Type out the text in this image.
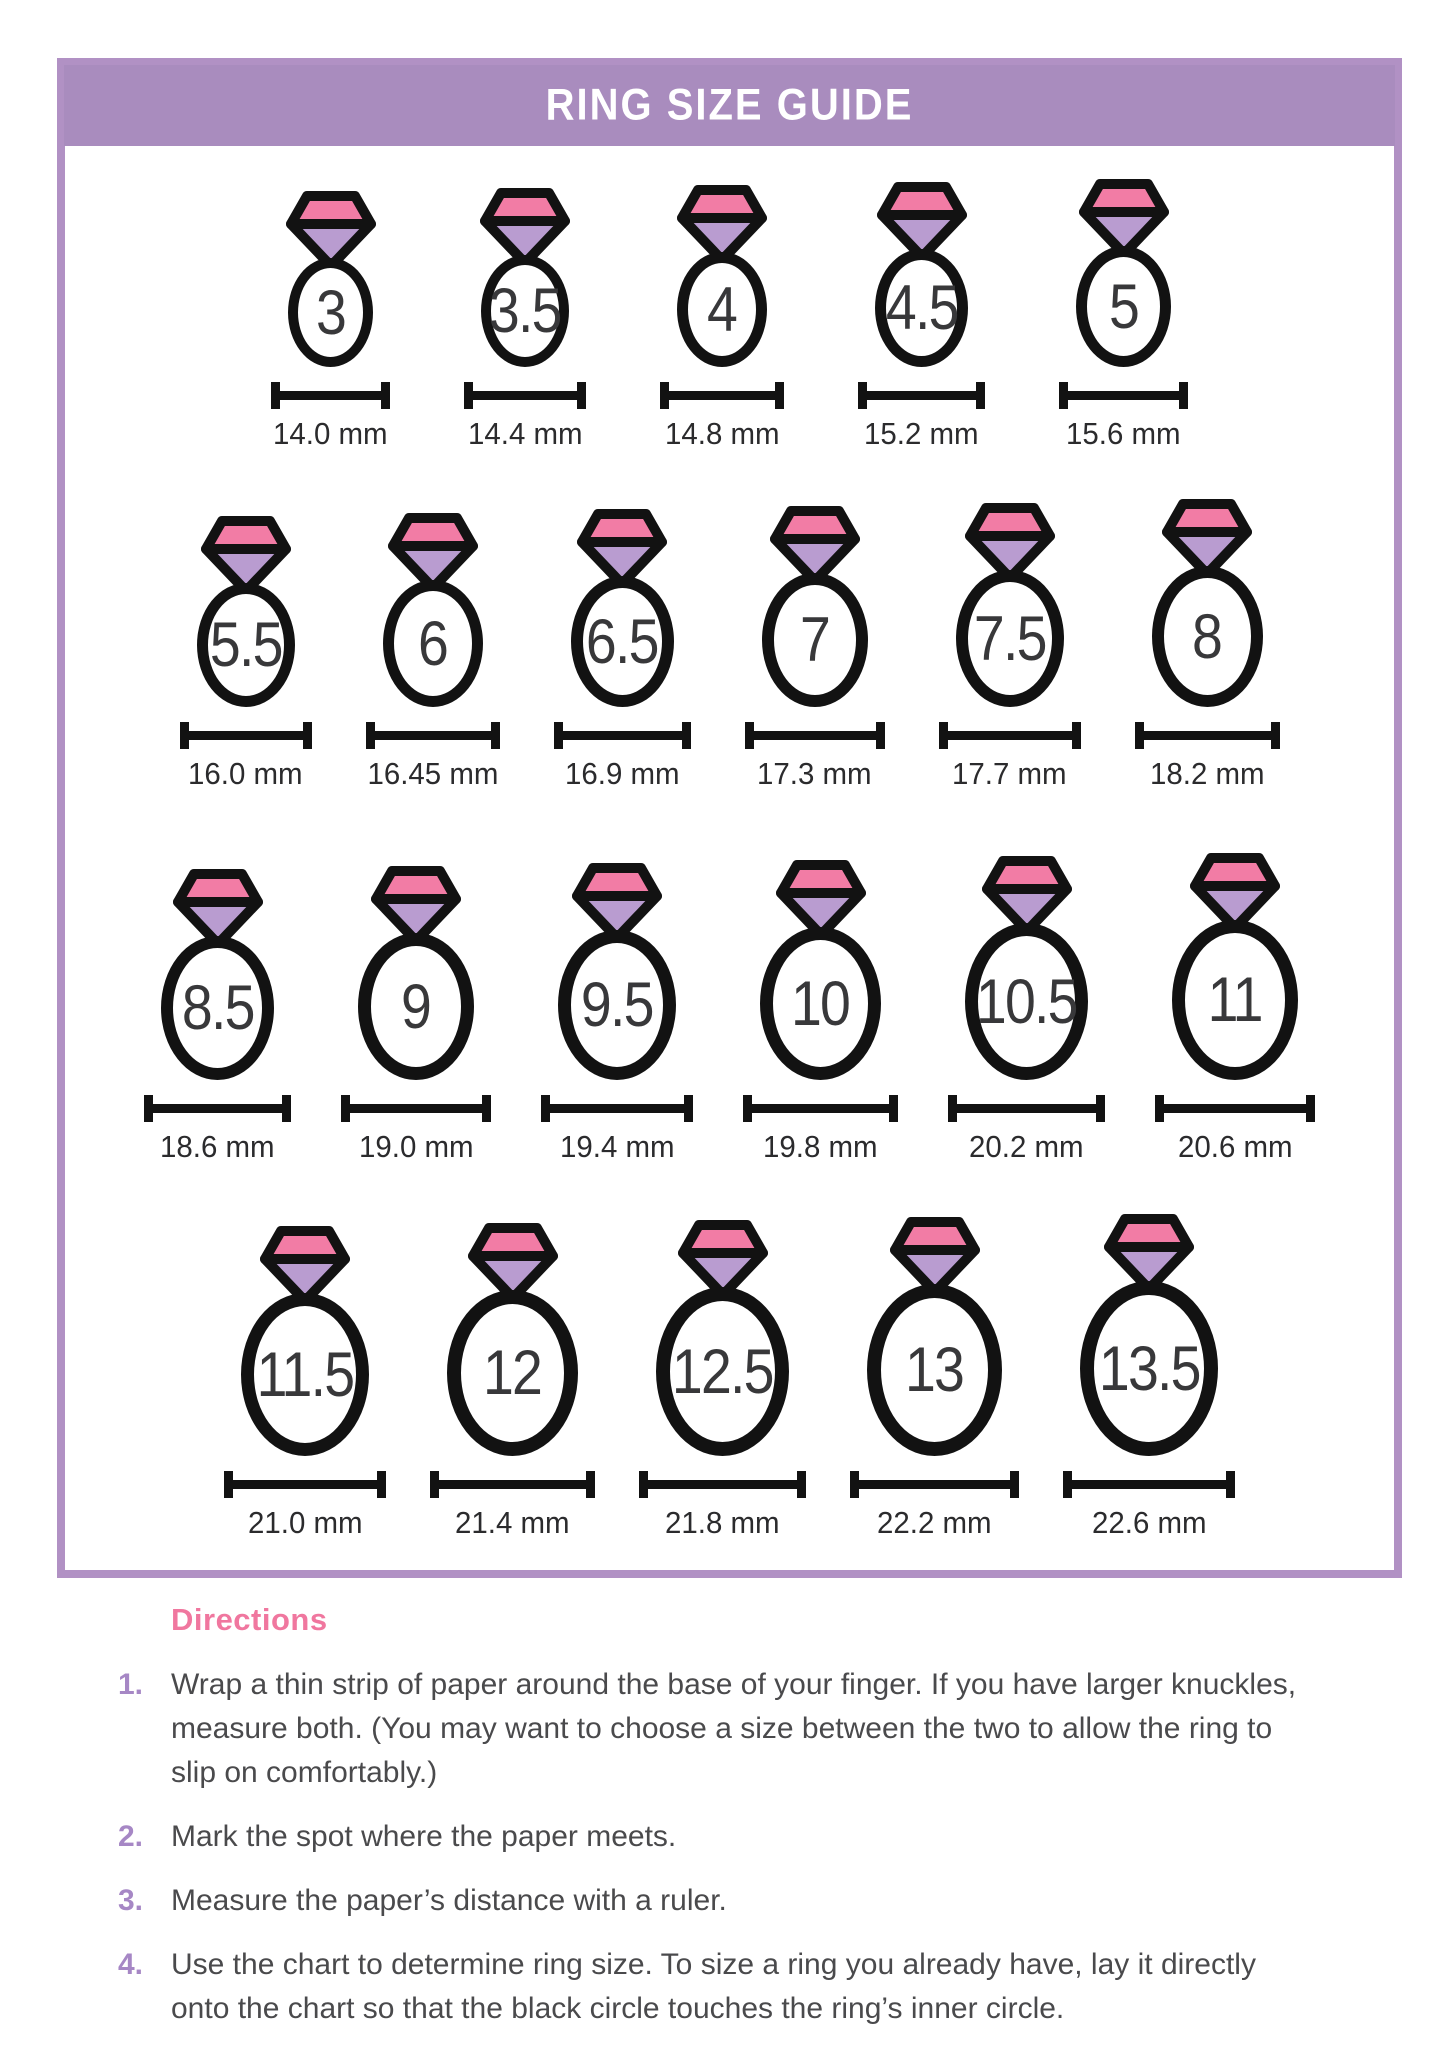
RING SIZE GUIDE
3
14.0 mm
3.5
14.4 mm
4
14.8 mm
4.5
15.2 mm
5
15.6 mm
5.5
16.0 mm
6
16.45 mm
6.5
16.9 mm
7
17.3 mm
7.5
17.7 mm
8
18.2 mm
8.5
18.6 mm
9
19.0 mm
9.5
19.4 mm
10
19.8 mm
10.5
20.2 mm
11
20.6 mm
11.5
21.0 mm
12
21.4 mm
12.5
21.8 mm
13
22.2 mm
13.5
22.6 mm
Directions
1. Wrap a thin strip of paper around the base of your finger. If you have larger knuckles, measure both. (You may want to choose a size between the two to allow the ring to slip on comfortably.)

2. Mark the spot where the paper meets.

3. Measure the paper’s distance with a ruler.

4. Use the chart to determine ring size. To size a ring you already have, lay it directly onto the chart so that the black circle touches the ring’s inner circle.
